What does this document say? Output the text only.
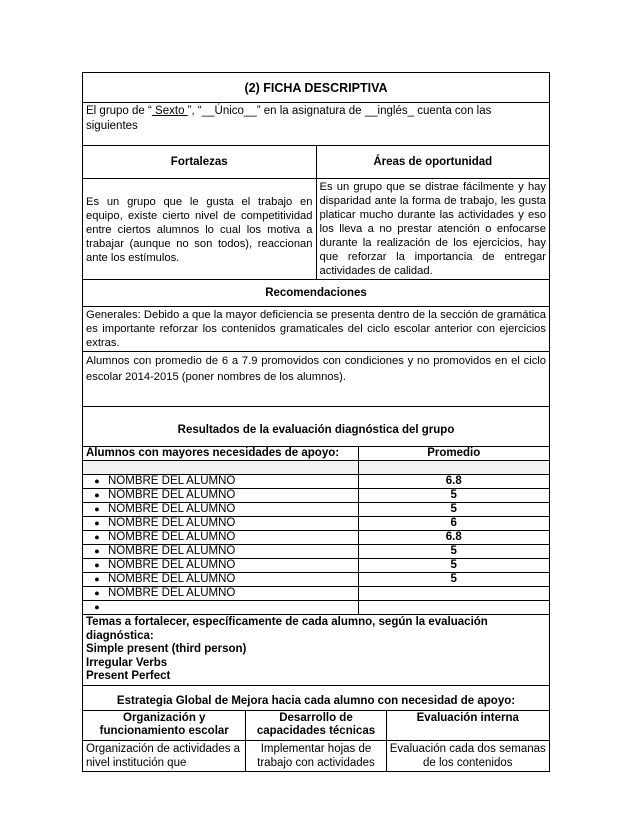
(2) FICHA DESCRIPTIVA	
El grupo de “ Sexto ”, “__Único__” en la asignatura de __inglés_ cuenta con las
siguientes	
Fortalezas	Áreas de oportunidad
Es un grupo que le gusta el trabajo en equipo, existe cierto nivel de competitividad entre ciertos alumnos lo cual los motiva a trabajar (aunque no son todos), reaccionan ante los estímulos.	Es un grupo que se distrae fácilmente y hay disparidad ante la forma de trabajo, les gusta platicar mucho durante las actividades y eso los lleva a no prestar atención o enfocarse durante la realización de los ejercicios, hay que reforzar la importancia de entregar actividades de calidad.
Recomendaciones	
Generales: Debido a que la mayor deficiencia se presenta dentro de la sección de gramática es importante reforzar los contenidos gramaticales del ciclo escolar anterior con ejercicios extras.	
Alumnos con promedio de 6 a 7.9 promovidos con condiciones y no promovidos en el ciclo escolar 2014-2015 (poner nombres de los alumnos).	
Resultados de la evaluación diagnóstica del grupo	
Alumnos con mayores necesidades de apoyo:	Promedio

● NOMBRE DEL ALUMNO	6.8
● NOMBRE DEL ALUMNO	5
● NOMBRE DEL ALUMNO	5
● NOMBRE DEL ALUMNO	6
● NOMBRE DEL ALUMNO	6.8
● NOMBRE DEL ALUMNO	5
● NOMBRE DEL ALUMNO	5
● NOMBRE DEL ALUMNO	5
● NOMBRE DEL ALUMNO	
●	
Temas a fortalecer, específicamente de cada alumno, según la evaluación diagnóstica:
Simple present (third person)
Irregular Verbs
Present Perfect
Estrategia Global de Mejora hacia cada alumno con necesidad de apoyo:		
Organización y funcionamiento escolar	Desarrollo de capacidades técnicas	Evaluación interna
Organización de actividades a nivel institución que	Implementar hojas de trabajo con actividades	Evaluación cada dos semanas de los contenidos
